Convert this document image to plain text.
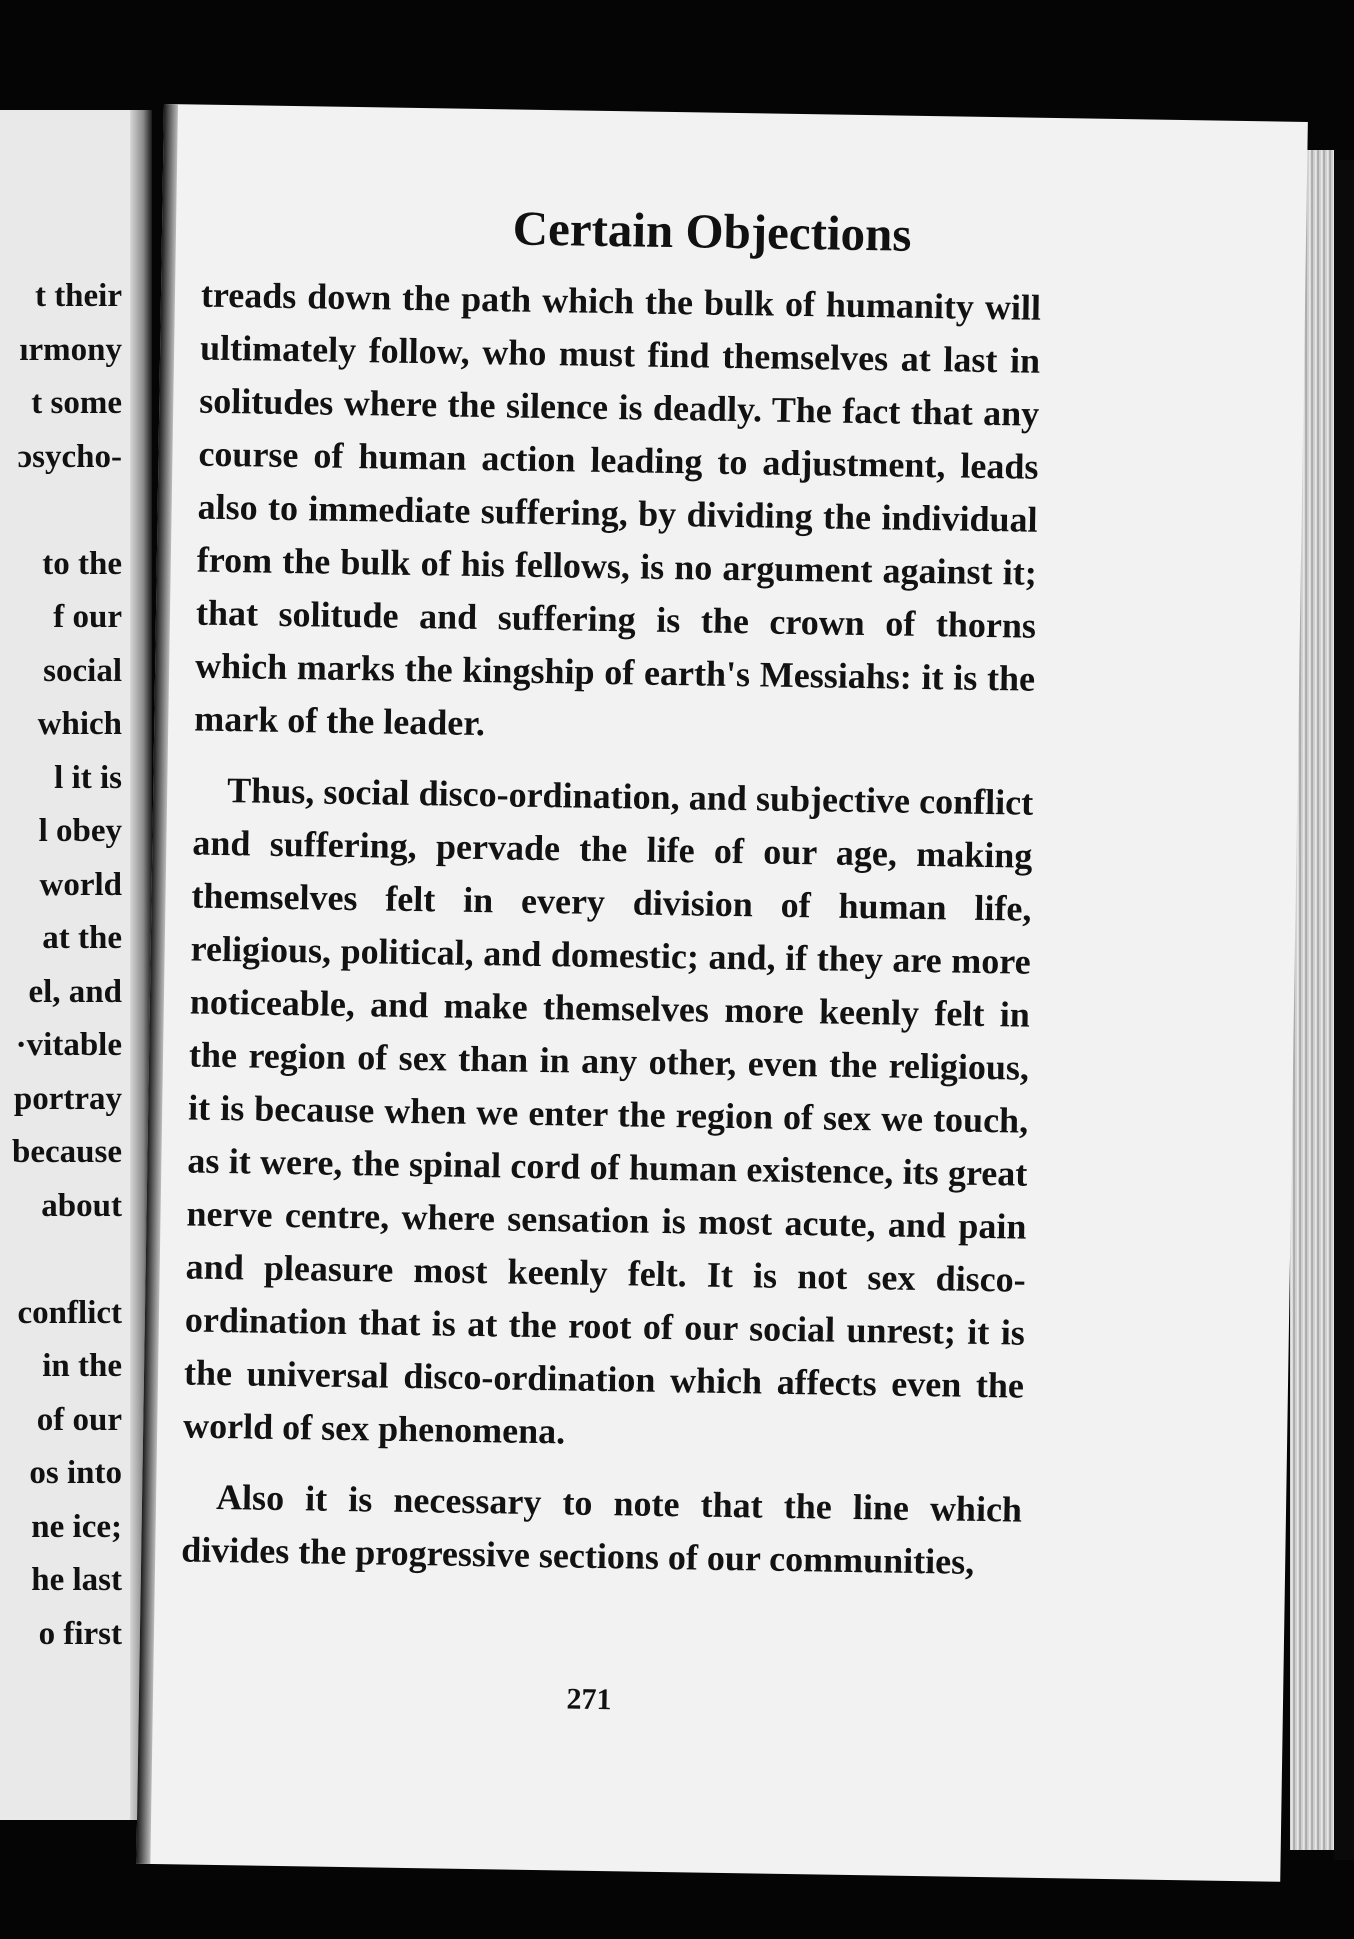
t their
ırmony
t some
ɔsycho-
to the
f our
social
which
l it is
l obey
world
at the
el, and
·vitable
portray
because
about
conflict
in the
of our
os into
ne ice;
he last
o first
Certain Objections

treads down the path which the bulk of humanity will ultimately follow, who must find themselves at last in solitudes where the silence is deadly. The fact that any course of human action leading to adjustment, leads also to immediate suffering, by dividing the individual from the bulk of his fellows, is no argument against it; that solitude and suffering is the crown of thorns which marks the kingship of earth's Messiahs: it is the mark of the leader.

Thus, social disco-ordination, and subjective conflict and suffering, pervade the life of our age, making themselves felt in every division of human life, religious, political, and domestic; and, if they are more noticeable, and make themselves more keenly felt in the region of sex than in any other, even the religious, it is because when we enter the region of sex we touch, as it were, the spinal cord of human existence, its great nerve centre, where sensation is most acute, and pain and pleasure most keenly felt. It is not sex disco-ordination that is at the root of our social unrest; it is the universal disco-ordination which affects even the world of sex phenomena.

Also it is necessary to note that the line which divides the progressive sections of our communities,

271
